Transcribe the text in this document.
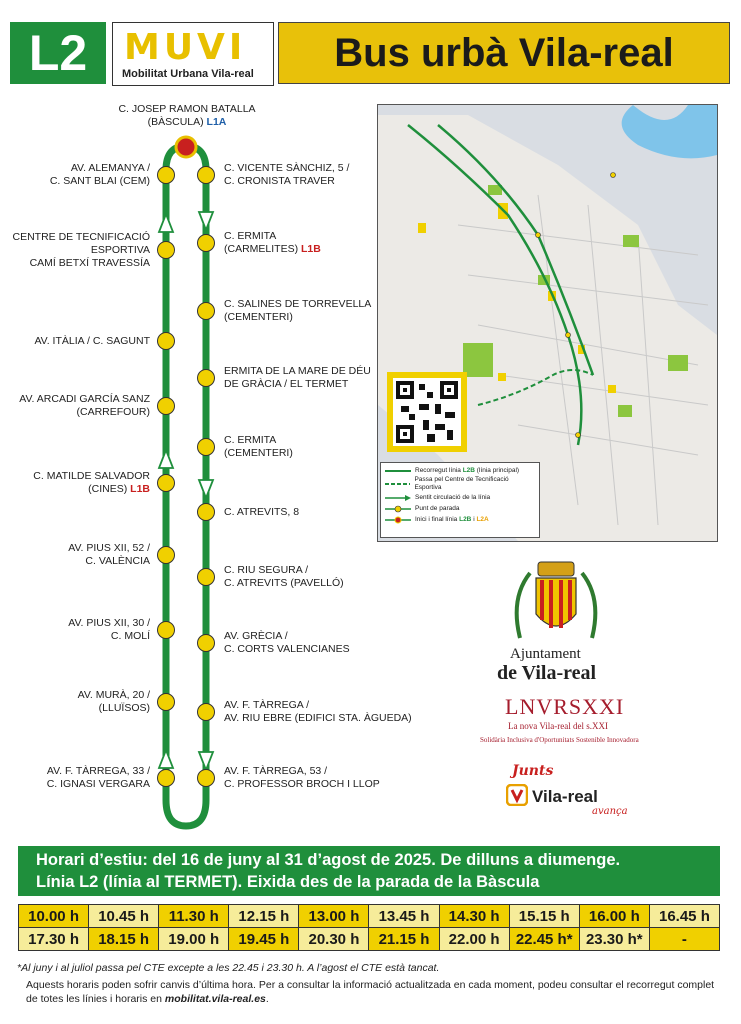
L2	MUVI
Mobilitat Urbana Vila-real	Bus urbà Vila-real
C. JOSEP RAMON BATALLA
(BÀSCULA) L1A
AV. ALEMANYA /
C. SANT BLAI (CEM)
CENTRE DE TECNIFICACIÓ
ESPORTIVA
CAMÍ BETXÍ TRAVESSÍA
AV. ITÀLIA / C. SAGUNT
AV. ARCADI GARCÍA SANZ
(CARREFOUR)
C. MATILDE SALVADOR
(CINES) L1B
AV. PIUS XII, 52 /
C. VALÈNCIA
AV. PIUS XII, 30 /
C. MOLÍ
AV. MURÀ, 20 /
(LLUÏSOS)
AV. F. TÀRREGA, 33 /
C. IGNASI VERGARA
C. VICENTE SÀNCHIZ, 5 /
C. CRONISTA TRAVER
C. ERMITA
(CARMELITES) L1B
C. SALINES DE TORREVELLA
(CEMENTERI)
ERMITA DE LA MARE DE DÉU
DE GRÀCIA / EL TERMET
C. ERMITA
(CEMENTERI)
C. ATREVITS, 8
C. RIU SEGURA /
C. ATREVITS (PAVELLÓ)
AV. GRÈCIA /
C. CORTS VALENCIANES
AV. F. TÀRREGA /
AV. RIU EBRE (EDIFICI STA. ÀGUEDA)
AV. F. TÀRREGA, 53 /
C. PROFESSOR BROCH I LLOP
Recorregut línia L2B (línia principal)
Passa pel Centre de Tecnificació Esportiva
Sentit circulació de la línia
Punt de parada
Inici i final línia L2B i L2A
Ajuntament
de Vila-real
LNVRSXXI
La nova Vila-real del s.XXI
Solidària Inclusiva d'Oportunitats Sostenible Innovadora
Junts
Vila-real
avança
Horari d’estiu: del 16 de juny al 31 d’agost de 2025. De dilluns a diumenge.
Línia L2 (línia al TERMET). Eixida des de la parada de la Bàscula
10.00 h	10.45 h	11.30 h	12.15 h	13.00 h	13.45 h	14.30 h	15.15 h	16.00 h	16.45 h
17.30 h	18.15 h	19.00 h	19.45 h	20.30 h	21.15 h	22.00 h	22.45 h*	23.30 h*	-
*Al juny i al juliol passa pel CTE excepte a les 22.45 i 23.30 h. A l’agost el CTE està tancat.
Aquests horaris poden sofrir canvis d’última hora. Per a consultar la informació actualitzada en cada moment, podeu consultar el recorregut complet de totes les línies i horaris en mobilitat.vila-real.es.
